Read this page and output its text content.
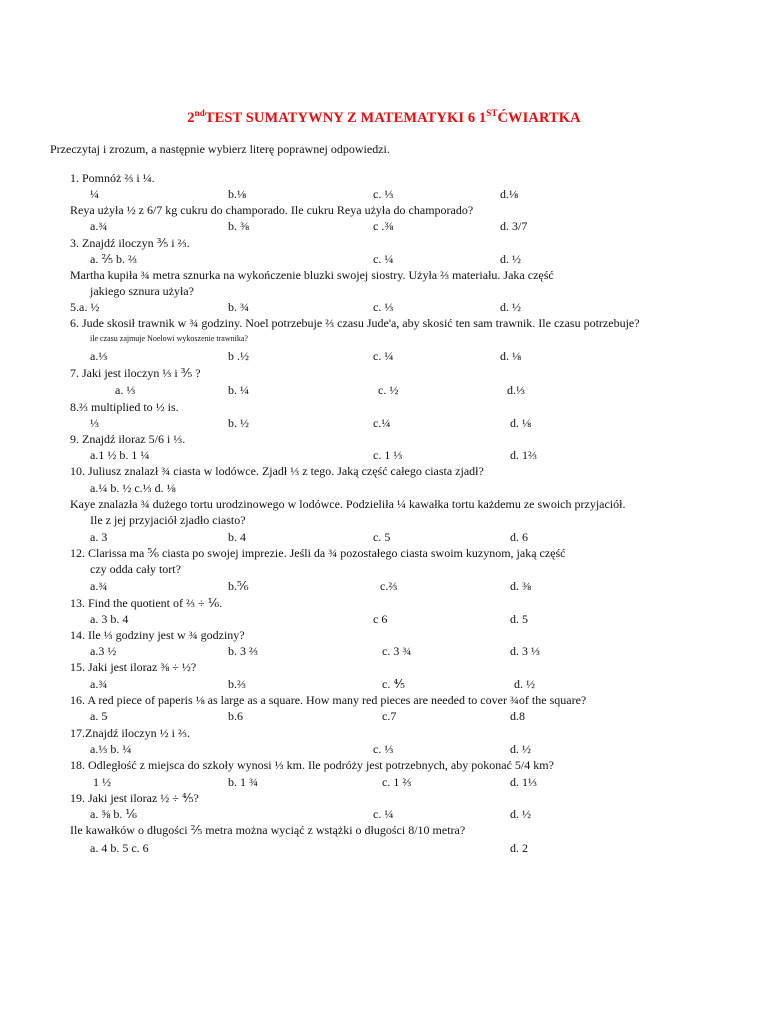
2ndTEST SUMATYWNY Z MATEMATYKI 6 1STĆWIARTKA
Przeczytaj i zrozum, a następnie wybierz literę poprawnej odpowiedzi.
1. Pomnóż ⅔ i ¼.
¼	b.⅛	c. ⅓	d.⅛
Reya użyła ½ z 6/7 kg cukru do champorado. Ile cukru Reya użyła do champorado?
a.¾	b. ⅜	c .⅜	d. 3/7
3. Znajdź iloczyn ⅗ i ⅔.
a. ⅖ b. ⅔	c. ¼	d. ½
Martha kupiła ¾ metra sznurka na wykończenie bluzki swojej siostry. Użyła ⅔ materiału. Jaka część
jakiego sznura użyła?
5.a. ½	b. ¾	c. ⅓	d. ½
6. Jude skosił trawnik w ¾ godziny. Noel potrzebuje ⅔ czasu Jude'a, aby skosić ten sam trawnik. Ile czasu potrzebuje?
ile czasu zajmuje Noelowi wykoszenie trawnika?
a.⅓	b .½	c. ¼	d. ⅛
7. Jaki jest iloczyn ⅓ i ⅗ ?
a. ⅓	b. ¼	c. ½	d.⅓
8.⅔ multiplied to ½ is.
⅓	b. ½	c.¼	d. ⅛
9. Znajdź iloraz 5/6 i ⅓.
a.1 ½ b. 1 ¼	c. 1 ⅓	d. 1⅔
10. Juliusz znalazł ¾ ciasta w lodówce. Zjadł ⅓ z tego. Jaką część całego ciasta zjadł?
a.¼ b. ½ c.⅓ d. ⅛
Kaye znalazła ¾ dużego tortu urodzinowego w lodówce. Podzieliła ¼ kawałka tortu każdemu ze swoich przyjaciół.
Ile z jej przyjaciół zjadło ciasto?
a. 3	b. 4	c. 5	d. 6
12. Clarissa ma ⅚ ciasta po swojej imprezie. Jeśli da ¾ pozostałego ciasta swoim kuzynom, jaką część
czy odda cały tort?
a.¾	b.⅚	c.⅔	d. ⅜
13. Find the quotient of ⅔ ÷ ⅙.
a. 3 b. 4	c 6	d. 5
14. Ile ⅓ godziny jest w ¾ godziny?
a.3 ½	b. 3 ⅔	c. 3 ¾	d. 3 ⅓
15. Jaki jest iloraz ⅜ ÷ ½?
a.¾	b.⅔	c. ⅘	d. ½
16. A red piece of paperis ⅛ as large as a square. How many red pieces are needed to cover ¾of the square?
a. 5	b.6	c.7	d.8
17.Znajdź iloczyn ½ i ⅔.
a.⅓ b. ¼	c. ⅓	d. ½
18. Odległość z miejsca do szkoły wynosi ⅓ km. Ile podróży jest potrzebnych, aby pokonać 5/4 km?
1 ½	b. 1 ¾	c. 1 ⅔	d. 1⅓
19. Jaki jest iloraz ½ ÷ ⅘?
a. ⅝ b. ⅙	c. ¼	d. ½
Ile kawałków o długości ⅖ metra można wyciąć z wstążki o długości 8/10 metra?
a. 4 b. 5 c. 6	d. 2
